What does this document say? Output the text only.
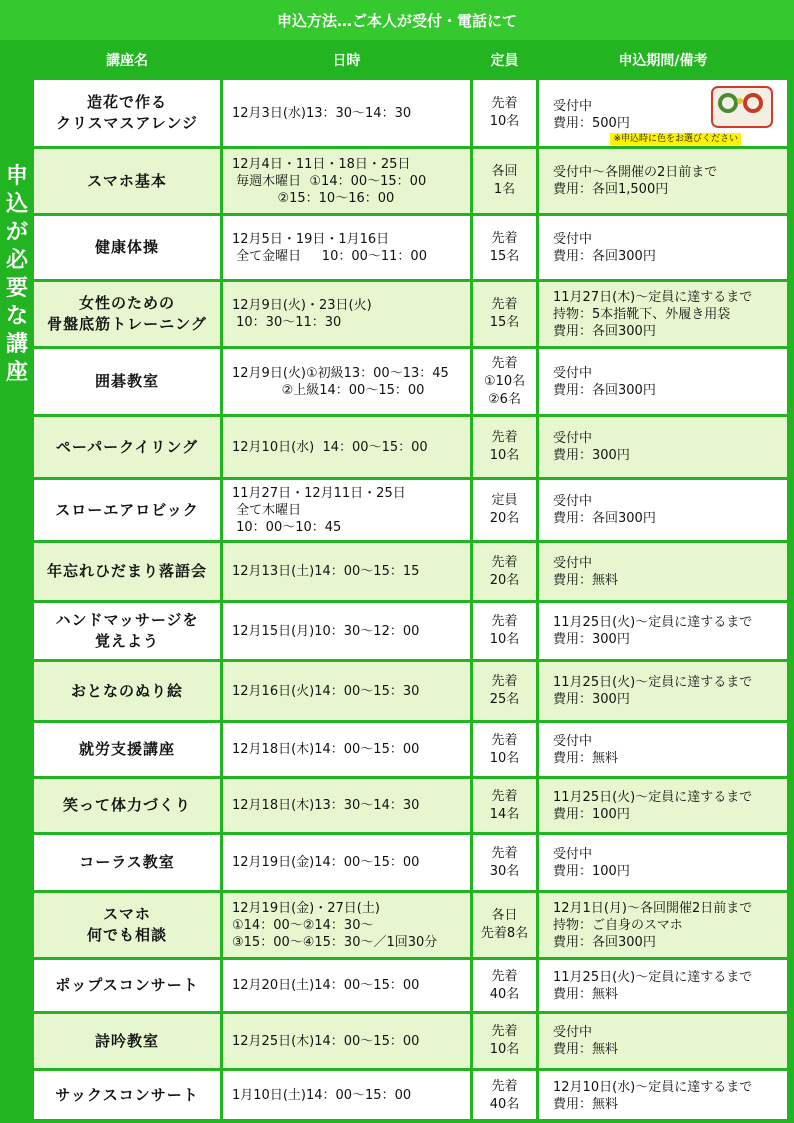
申込方法…ご本人が受付・電話にて
申
込
が
必
要
な
講
座
講座名	日時	定員	申込期間/備考

造花で作る
クリスマスアレンジ	12月3日(水)13：30〜14：30	先着
10名	受付中
費用：500円
※申込時に色をお選びください

スマホ基本	12月4日・11日・18日・25日
毎週木曜日  ①14：00〜15：00
②15：10〜16：00	各回
1名	受付中〜各開催の2日前まで
費用：各回1,500円

健康体操	12月5日・19日・1月16日
全て金曜日     10：00〜11：00	先着
15名	受付中
費用：各回300円

女性のための
骨盤底筋トレーニング	12月9日(火)・23日(火)
10：30〜11：30	先着
15名	11月27日(木)〜定員に達するまで
持物：5本指靴下、外履き用袋
費用：各回300円

囲碁教室	12月9日(火)①初級13：00〜13：45
②上級14：00〜15：00	先着
①10名
②6名	受付中
費用：各回300円

ペーパークイリング	12月10日(水)  14：00〜15：00	先着
10名	受付中
費用：300円

スローエアロビック	11月27日・12月11日・25日
全て木曜日
10：00〜10：45	定員
20名	受付中
費用：各回300円

年忘れひだまり落語会	12月13日(土)14：00〜15：15	先着
20名	受付中
費用：無料

ハンドマッサージを
覚えよう	12月15日(月)10：30〜12：00	先着
10名	11月25日(火)〜定員に達するまで
費用：300円

おとなのぬり絵	12月16日(火)14：00〜15：30	先着
25名	11月25日(火)〜定員に達するまで
費用：300円

就労支援講座	12月18日(木)14：00〜15：00	先着
10名	受付中
費用：無料

笑って体力づくり	12月18日(木)13：30〜14：30	先着
14名	11月25日(火)〜定員に達するまで
費用：100円

コーラス教室	12月19日(金)14：00〜15：00	先着
30名	受付中
費用：100円

スマホ
何でも相談	12月19日(金)・27日(土)
①14：00〜②14：30〜
③15：00〜④15：30〜／1回30分	各日
先着8名	12月1日(月)〜各回開催2日前まで
持物：ご自身のスマホ
費用：各回300円

ポップスコンサート	12月20日(土)14：00〜15：00	先着
40名	11月25日(火)〜定員に達するまで
費用：無料

詩吟教室	12月25日(木)14：00〜15：00	先着
10名	受付中
費用：無料

サックスコンサート	1月10日(土)14：00〜15：00	先着
40名	12月10日(水)〜定員に達するまで
費用：無料
